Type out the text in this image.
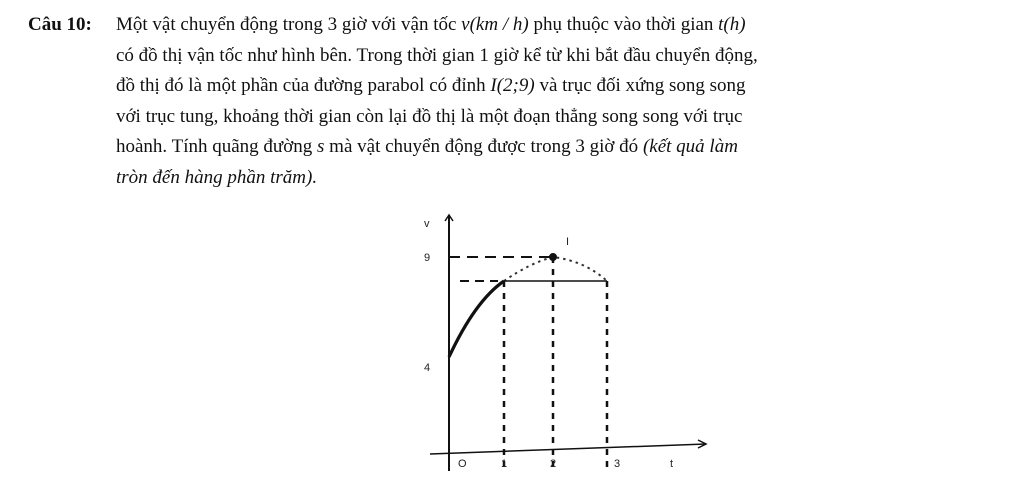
Câu 10: Một vật chuyển động trong 3 giờ với vận tốc v(km / h) phụ thuộc vào thời gian t(h)
có đồ thị vận tốc như hình bên. Trong thời gian 1 giờ kể từ khi bắt đầu chuyển động,
đồ thị đó là một phần của đường parabol có đỉnh I(2;9) và trục đối xứng song song
với trục tung, khoảng thời gian còn lại đồ thị là một đoạn thẳng song song với trục
hoành. Tính quãng đường s mà vật chuyển động được trong 3 giờ đó (kết quả làm
tròn đến hàng phần trăm).
v
I
9
4
O	1	2	3	t
